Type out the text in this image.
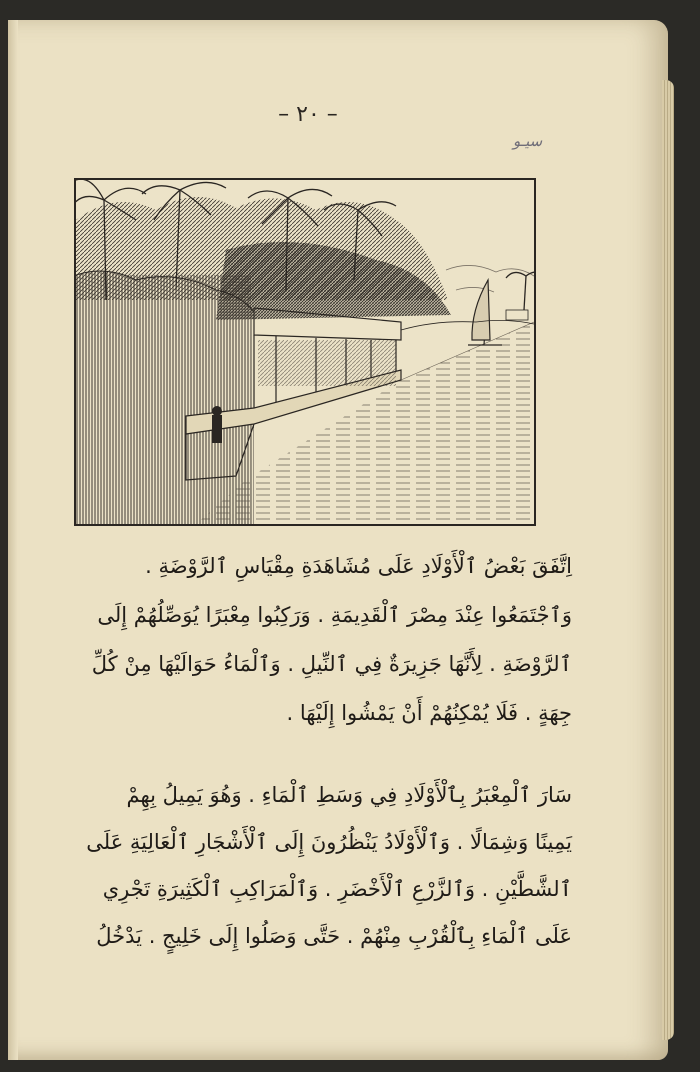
– ٢٠ –
سيـو
اِتَّفَقَ بَعْضُ ٱلْأَوْلَادِ عَلَى مُشَاهَدَةِ مِقْيَاسِ ٱلرَّوْضَةِ .
وَٱجْتَمَعُوا عِنْدَ مِصْرَ ٱلْقَدِيمَةِ . وَرَكِبُوا مِعْبَرًا يُوَصِّلُهُمْ إِلَى
ٱلرَّوْضَةِ . لِأَنَّهَا جَزِيرَةٌ فِي ٱلنِّيلِ . وَٱلْمَاءُ حَوَالَيْهَا مِنْ كُلِّ
جِهَةٍ . فَلَا يُمْكِنُهُمْ أَنْ يَمْشُوا إِلَيْهَا .
سَارَ ٱلْمِعْبَرُ بِٱلْأَوْلَادِ فِي وَسَطِ ٱلْمَاءِ . وَهُوَ يَمِيلُ بِهِمْ
يَمِينًا وَشِمَالًا . وَٱلْأَوْلَادُ يَنْظُرُونَ إِلَى ٱلْأَشْجَارِ ٱلْعَالِيَةِ عَلَى
ٱلشَّطَّيْنِ . وَٱلزَّرْعِ ٱلْأَخْضَرِ . وَٱلْمَرَاكِبِ ٱلْكَثِيرَةِ تَجْرِي
عَلَى ٱلْمَاءِ بِٱلْقُرْبِ مِنْهُمْ . حَتَّى وَصَلُوا إِلَى خَلِيجٍ . يَدْخُلُ
